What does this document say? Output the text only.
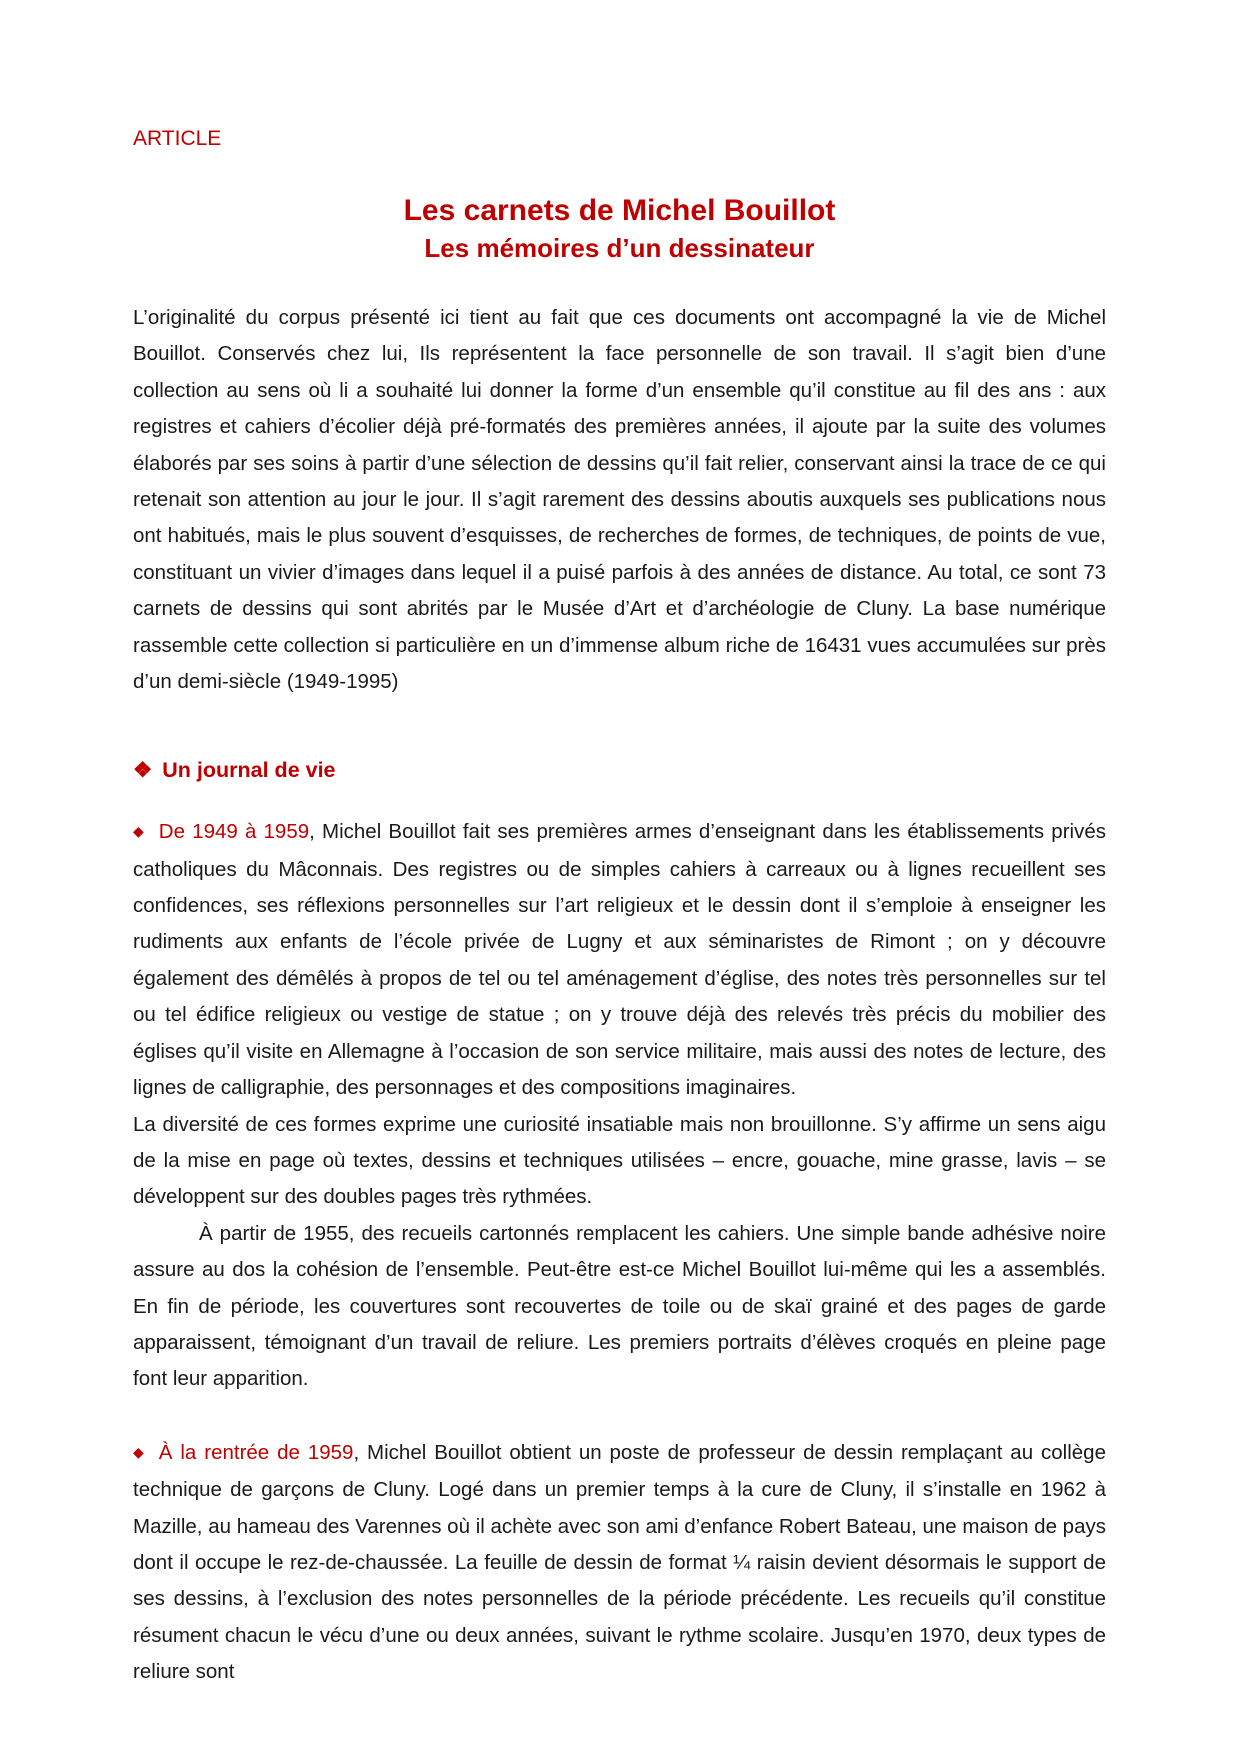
ARTICLE
Les carnets de Michel Bouillot
Les mémoires d’un dessinateur

L’originalité du corpus présenté ici tient au fait que ces documents ont accompagné la vie de Michel Bouillot. Conservés chez lui, Ils représentent la face personnelle de son travail. Il s’agit bien d’une collection au sens où li a souhaité lui donner la forme d’un ensemble qu’il constitue au fil des ans : aux registres et cahiers d’écolier déjà pré-formatés des premières années, il ajoute par la suite des volumes élaborés par ses soins à partir d’une sélection de dessins qu’il fait relier, conservant ainsi la trace de ce qui retenait son attention au jour le jour. Il s’agit rarement des dessins aboutis auxquels ses publications nous ont habitués, mais le plus souvent d’esquisses, de recherches de formes, de techniques, de points de vue, constituant un vivier d’images dans lequel il a puisé parfois à des années de distance. Au total, ce sont 73 carnets de dessins qui sont abrités par le Musée d’Art et d’archéologie de Cluny. La base numérique rassemble cette collection si particulière en un d’immense album riche de 16431 vues accumulées sur près d’un demi-siècle (1949-1995)

❖ Un journal de vie

◆ De 1949 à 1959, Michel Bouillot fait ses premières armes d’enseignant dans les établissements privés catholiques du Mâconnais. Des registres ou de simples cahiers à carreaux ou à lignes recueillent ses confidences, ses réflexions personnelles sur l’art religieux et le dessin dont il s’emploie à enseigner les rudiments aux enfants de l’école privée de Lugny et aux séminaristes de Rimont ; on y découvre également des démêlés à propos de tel ou tel aménagement d’église, des notes très personnelles sur tel ou tel édifice religieux ou vestige de statue ; on y trouve déjà des relevés très précis du mobilier des églises qu’il visite en Allemagne à l’occasion de son service militaire, mais aussi des notes de lecture, des lignes de calligraphie, des personnages et des compositions imaginaires.

La diversité de ces formes exprime une curiosité insatiable mais non brouillonne. S’y affirme un sens aigu de la mise en page où textes, dessins et techniques utilisées – encre, gouache, mine grasse, lavis – se développent sur des doubles pages très rythmées.

À partir de 1955, des recueils cartonnés remplacent les cahiers. Une simple bande adhésive noire assure au dos la cohésion de l’ensemble. Peut-être est-ce Michel Bouillot lui-même qui les a assemblés. En fin de période, les couvertures sont recouvertes de toile ou de skaï grainé et des pages de garde apparaissent, témoignant d’un travail de reliure. Les premiers portraits d’élèves croqués en pleine page font leur apparition.

◆ À la rentrée de 1959, Michel Bouillot obtient un poste de professeur de dessin remplaçant au collège technique de garçons de Cluny. Logé dans un premier temps à la cure de Cluny, il s’installe en 1962 à Mazille, au hameau des Varennes où il achète avec son ami d’enfance Robert Bateau, une maison de pays dont il occupe le rez-de-chaussée. La feuille de dessin de format ¼ raisin devient désormais le support de ses dessins, à l’exclusion des notes personnelles de la période précédente. Les recueils qu’il constitue résument chacun le vécu d’une ou deux années, suivant le rythme scolaire. Jusqu’en 1970, deux types de reliure sont
